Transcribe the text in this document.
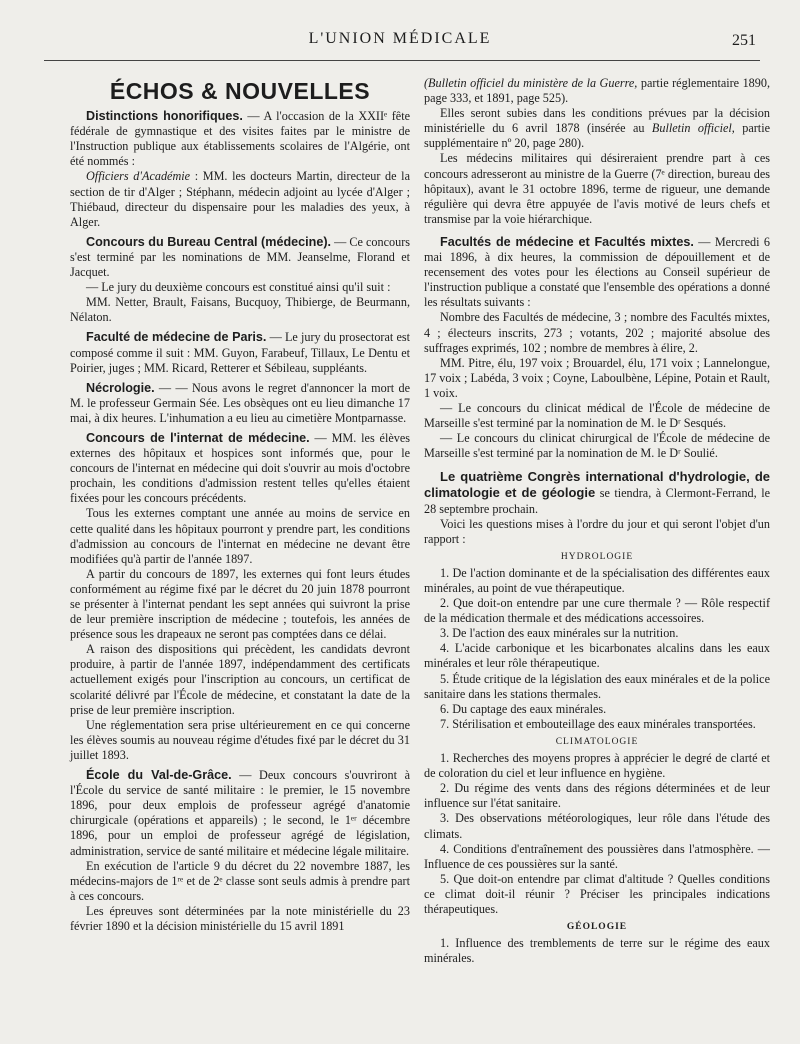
L'UNION MÉDICALE	251
ÉCHOS & NOUVELLES

Distinctions honorifiques. — A l'occasion de la XXIIᵉ fête fédérale de gymnastique et des visites faites par le ministre de l'Instruction publique aux établissements scolaires de l'Algérie, ont été nommés :

Officiers d'Académie : MM. les docteurs Martin, directeur de la section de tir d'Alger ; Stéphann, médecin adjoint au lycée d'Alger ; Thiébaud, directeur du dispensaire pour les maladies des yeux, à Alger.

Concours du Bureau Central (médecine). — Ce concours s'est terminé par les nominations de MM. Jeanselme, Florand et Jacquet.

— Le jury du deuxième concours est constitué ainsi qu'il suit :

MM. Netter, Brault, Faisans, Bucquoy, Thibierge, de Beurmann, Nélaton.

Faculté de médecine de Paris. — Le jury du prosectorat est composé comme il suit : MM. Guyon, Farabeuf, Tillaux, Le Dentu et Poirier, juges ; MM. Ricard, Retterer et Sébileau, suppléants.

Nécrologie. — — Nous avons le regret d'annoncer la mort de M. le professeur Germain Sée. Les obsèques ont eu lieu dimanche 17 mai, à dix heures. L'inhumation a eu lieu au cimetière Montparnasse.

Concours de l'internat de médecine. — MM. les élèves externes des hôpitaux et hospices sont informés que, pour le concours de l'internat en médecine qui doit s'ouvrir au mois d'octobre prochain, les conditions d'admission restent telles qu'elles étaient fixées pour les concours précédents.

Tous les externes comptant une année au moins de service en cette qualité dans les hôpitaux pourront y prendre part, les conditions d'admission au concours de l'internat en médecine ne devant être modifiées qu'à partir de l'année 1897.

A partir du concours de 1897, les externes qui font leurs études conformément au régime fixé par le décret du 20 juin 1878 pourront se présenter à l'internat pendant les sept années qui suivront la prise de leur première inscription de médecine ; toutefois, les années de présence sous les drapeaux ne seront pas comptées dans ce délai.

A raison des dispositions qui précèdent, les candidats devront produire, à partir de l'année 1897, indépendamment des certificats actuellement exigés pour l'inscription au concours, un certificat de scolarité délivré par l'École de médecine, et constatant la date de la prise de leur première inscription.

Une réglementation sera prise ultérieurement en ce qui concerne les élèves soumis au nouveau régime d'études fixé par le décret du 31 juillet 1893.

École du Val-de-Grâce. — Deux concours s'ouvriront à l'École du service de santé militaire : le premier, le 15 novembre 1896, pour deux emplois de professeur agrégé d'anatomie chirurgicale (opérations et appareils) ; le second, le 1ᵉʳ décembre 1896, pour un emploi de professeur agrégé de législation, administration, service de santé militaire et médecine légale militaire.

En exécution de l'article 9 du décret du 22 novembre 1887, les médecins-majors de 1ʳᵉ et de 2ᵉ classe sont seuls admis à prendre part à ces concours.

Les épreuves sont déterminées par la note ministérielle du 23 février 1890 et la décision ministérielle du 15 avril 1891

(Bulletin officiel du ministère de la Guerre, partie réglementaire 1890, page 333, et 1891, page 525).

Elles seront subies dans les conditions prévues par la décision ministérielle du 6 avril 1878 (insérée au Bulletin officiel, partie supplémentaire nº 20, page 280).

Les médecins militaires qui désireraient prendre part à ces concours adresseront au ministre de la Guerre (7ᵉ direction, bureau des hôpitaux), avant le 31 octobre 1896, terme de rigueur, une demande régulière qui devra être appuyée de l'avis motivé de leurs chefs et transmise par la voie hiérarchique.

Facultés de médecine et Facultés mixtes. — Mercredi 6 mai 1896, à dix heures, la commission de dépouillement et de recensement des votes pour les élections au Conseil supérieur de l'instruction publique a constaté que l'ensemble des opérations a donné les résultats suivants :

Nombre des Facultés de médecine, 3 ; nombre des Facultés mixtes, 4 ; électeurs inscrits, 273 ; votants, 202 ; majorité absolue des suffrages exprimés, 102 ; nombre de membres à élire, 2.

MM. Pitre, élu, 197 voix ; Brouardel, élu, 171 voix ; Lannelongue, 17 voix ; Labéda, 3 voix ; Coyne, Laboulbène, Lépine, Potain et Rault, 1 voix.

— Le concours du clinicat médical de l'École de médecine de Marseille s'est terminé par la nomination de M. le Dʳ Sesqués.

— Le concours du clinicat chirurgical de l'École de médecine de Marseille s'est terminé par la nomination de M. le Dʳ Soulié.

Le quatrième Congrès international d'hydrologie, de climatologie et de géologie se tiendra, à Clermont-Ferrand, le 28 septembre prochain.

Voici les questions mises à l'ordre du jour et qui seront l'objet d'un rapport :

HYDROLOGIE

1. De l'action dominante et de la spécialisation des différentes eaux minérales, au point de vue thérapeutique.

2. Que doit-on entendre par une cure thermale ? — Rôle respectif de la médication thermale et des médications accessoires.

3. De l'action des eaux minérales sur la nutrition.

4. L'acide carbonique et les bicarbonates alcalins dans les eaux minérales et leur rôle thérapeutique.

5. Étude critique de la législation des eaux minérales et de la police sanitaire dans les stations thermales.

6. Du captage des eaux minérales.

7. Stérilisation et embouteillage des eaux minérales transportées.

CLIMATOLOGIE

1. Recherches des moyens propres à apprécier le degré de clarté et de coloration du ciel et leur influence en hygiène.

2. Du régime des vents dans des régions déterminées et de leur influence sur l'état sanitaire.

3. Des observations météorologiques, leur rôle dans l'étude des climats.

4. Conditions d'entraînement des poussières dans l'atmosphère. — Influence de ces poussières sur la santé.

5. Que doit-on entendre par climat d'altitude ? Quelles conditions ce climat doit-il réunir ? Préciser les principales indications thérapeutiques.

GÉOLOGIE

1. Influence des tremblements de terre sur le régime des eaux minérales.
